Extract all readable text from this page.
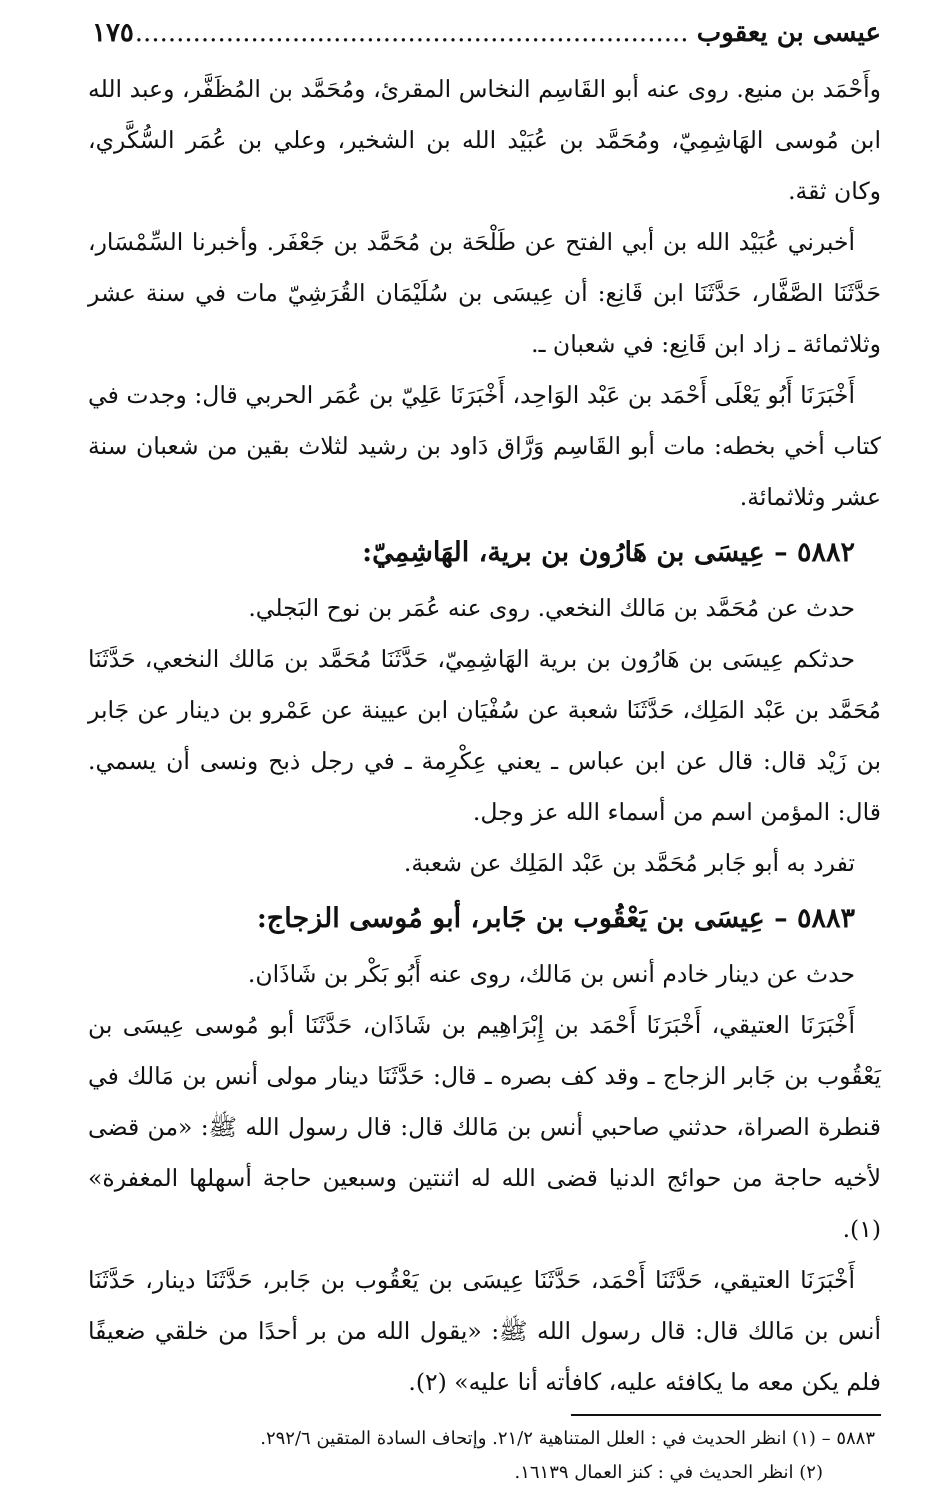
عيسى بن يعقوب .....
١٧٥

وأَحْمَد بن منيع. روى عنه أبو القَاسِم النخاس المقرئ، ومُحَمَّد بن المُظَفَّر، وعبد الله ابن مُوسى الهَاشِمِيّ، ومُحَمَّد بن عُبَيْد الله بن الشخير، وعلي بن عُمَر السُّكَّري، وكان ثقة.

أخبرني عُبَيْد الله بن أبي الفتح عن طَلْحَة بن مُحَمَّد بن جَعْفَر. وأخبرنا السِّمْسَار، حَدَّثَنَا الصَّفَّار، حَدَّثَنَا ابن قَانِع: أن عِيسَى بن سُلَيْمَان القُرَشِيّ مات في سنة عشر وثلاثمائة ـ زاد ابن قَانِع: في شعبان ـ.

أَخْبَرَنَا أَبُو يَعْلَى أَحْمَد بن عَبْد الوَاحِد، أَخْبَرَنَا عَلِيّ بن عُمَر الحربي قال: وجدت في كتاب أخي بخطه: مات أبو القَاسِم وَرَّاق دَاود بن رشيد لثلاث بقين من شعبان سنة عشر وثلاثمائة.

٥٨٨٢ – عِيسَى بن هَارُون بن برية، الهَاشِمِيّ:

حدث عن مُحَمَّد بن مَالك النخعي. روى عنه عُمَر بن نوح البَجلي.

حدثكم عِيسَى بن هَارُون بن برية الهَاشِمِيّ، حَدَّثَنَا مُحَمَّد بن مَالك النخعي، حَدَّثَنَا مُحَمَّد بن عَبْد المَلِك، حَدَّثَنَا شعبة عن سُفْيَان ابن عيينة عن عَمْرو بن دينار عن جَابر بن زَيْد قال: قال عن ابن عباس ـ يعني عِكْرِمة ـ في رجل ذبح ونسى أن يسمي. قال: المؤمن اسم من أسماء الله عز وجل.

تفرد به أبو جَابر مُحَمَّد بن عَبْد المَلِك عن شعبة.

٥٨٨٣ – عِيسَى بن يَعْقُوب بن جَابر، أبو مُوسى الزجاج:

حدث عن دينار خادم أنس بن مَالك، روى عنه أَبُو بَكْر بن شَاذَان.

أَخْبَرَنَا العتيقي، أَخْبَرَنَا أَحْمَد بن إِبْرَاهِيم بن شَاذَان، حَدَّثَنَا أبو مُوسى عِيسَى بن يَعْقُوب بن جَابر الزجاج ـ وقد كف بصره ـ قال: حَدَّثَنَا دينار مولى أنس بن مَالك في قنطرة الصراة، حدثني صاحبي أنس بن مَالك قال: قال رسول الله ﷺ: «من قضى لأخيه حاجة من حوائج الدنيا قضى الله له اثنتين وسبعين حاجة أسهلها المغفرة» (١).

أَخْبَرَنَا العتيقي، حَدَّثَنَا أَحْمَد، حَدَّثَنَا عِيسَى بن يَعْقُوب بن جَابر، حَدَّثَنَا دينار، حَدَّثَنَا أنس بن مَالك قال: قال رسول الله ﷺ: «يقول الله من بر أحدًا من خلقي ضعيفًا فلم يكن معه ما يكافئه عليه، كافأته أنا عليه» (٢).

٥٨٨٣ – (١) انظر الحديث في : العلل المتناهية ٢١/٢. وإتحاف السادة المتقين ٢٩٢/٦.

(٢) انظر الحديث في : كنز العمال ١٦١٣٩.
